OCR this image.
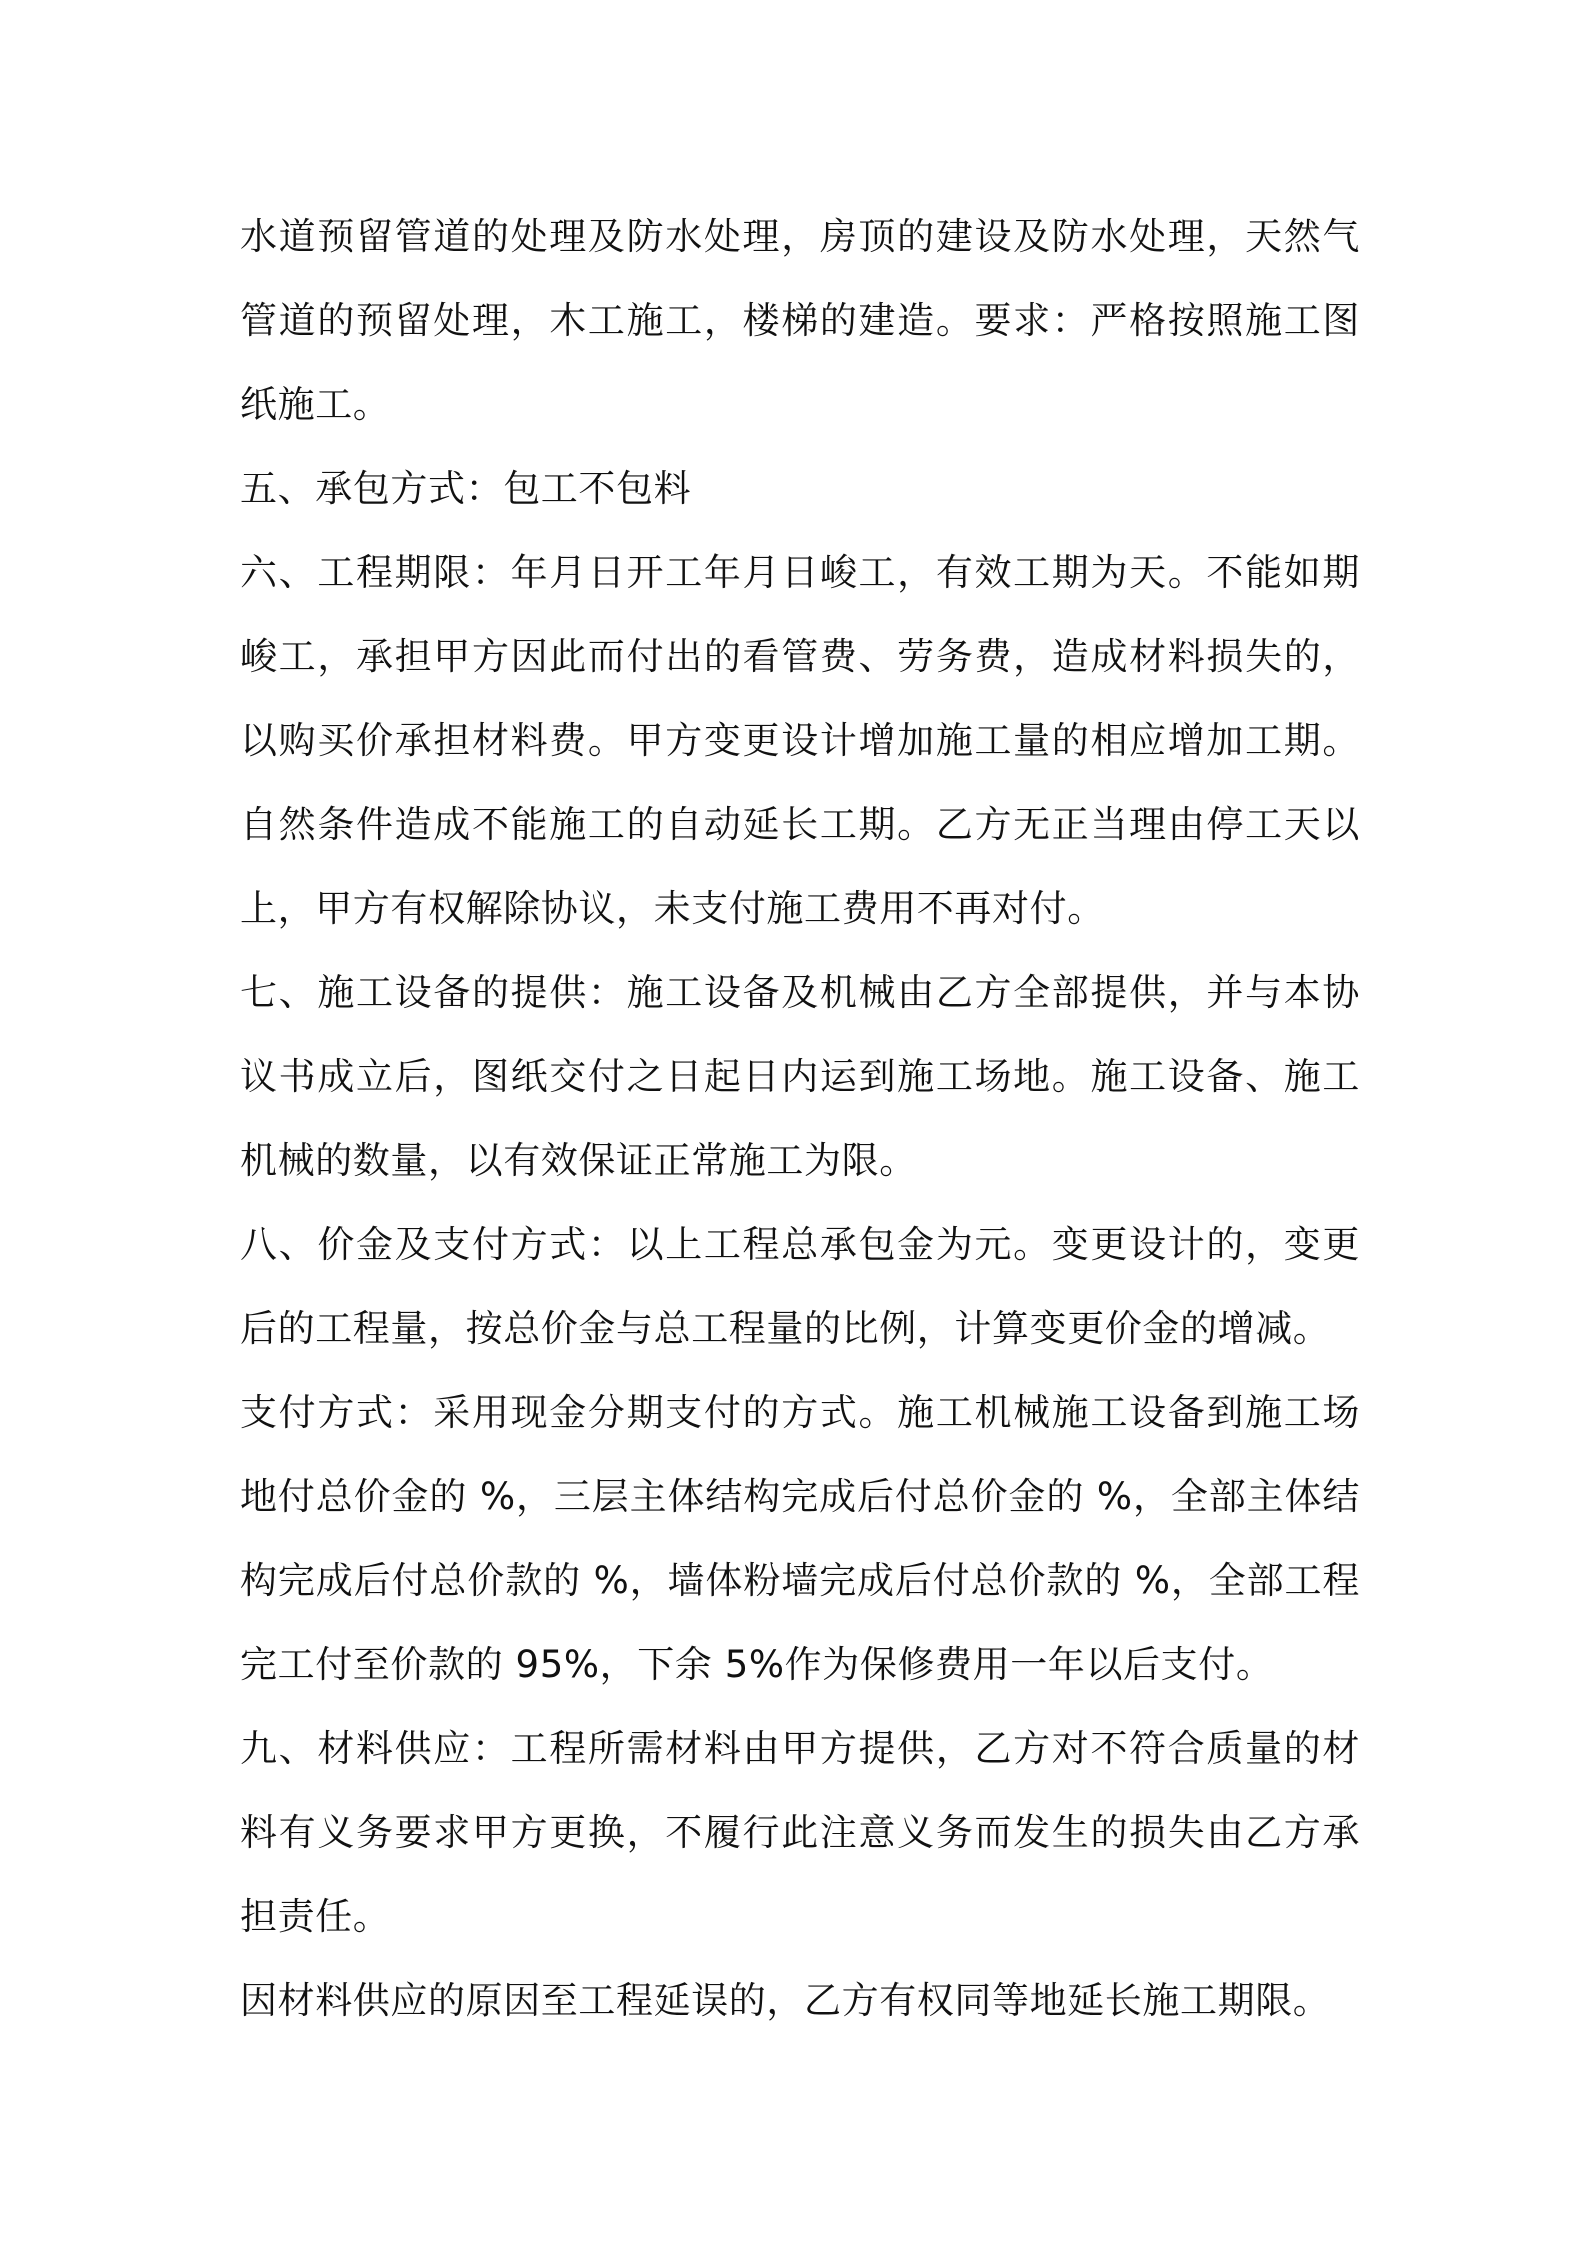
水道预留管道的处理及防水处理，房顶的建设及防水处理，天然气管道的预留处理，木工施工，楼梯的建造。要求：严格按照施工图纸施工。

五、承包方式：包工不包料

六、工程期限：年月日开工年月日峻工，有效工期为天。不能如期峻工，承担甲方因此而付出的看管费、劳务费，造成材料损失的，以购买价承担材料费。甲方变更设计增加施工量的相应增加工期。自然条件造成不能施工的自动延长工期。乙方无正当理由停工天以上，甲方有权解除协议，未支付施工费用不再对付。

七、施工设备的提供：施工设备及机械由乙方全部提供，并与本协议书成立后，图纸交付之日起日内运到施工场地。施工设备、施工机械的数量，以有效保证正常施工为限。

八、价金及支付方式：以上工程总承包金为元。变更设计的，变更后的工程量，按总价金与总工程量的比例，计算变更价金的增减。

支付方式：采用现金分期支付的方式。施工机械施工设备到施工场地付总价金的 %，三层主体结构完成后付总价金的 %，全部主体结构完成后付总价款的 %，墙体粉墙完成后付总价款的 %，全部工程完工付至价款的 95%，下余 5%作为保修费用一年以后支付。

九、材料供应：工程所需材料由甲方提供，乙方对不符合质量的材料有义务要求甲方更换，不履行此注意义务而发生的损失由乙方承担责任。

因材料供应的原因至工程延误的，乙方有权同等地延长施工期限。
